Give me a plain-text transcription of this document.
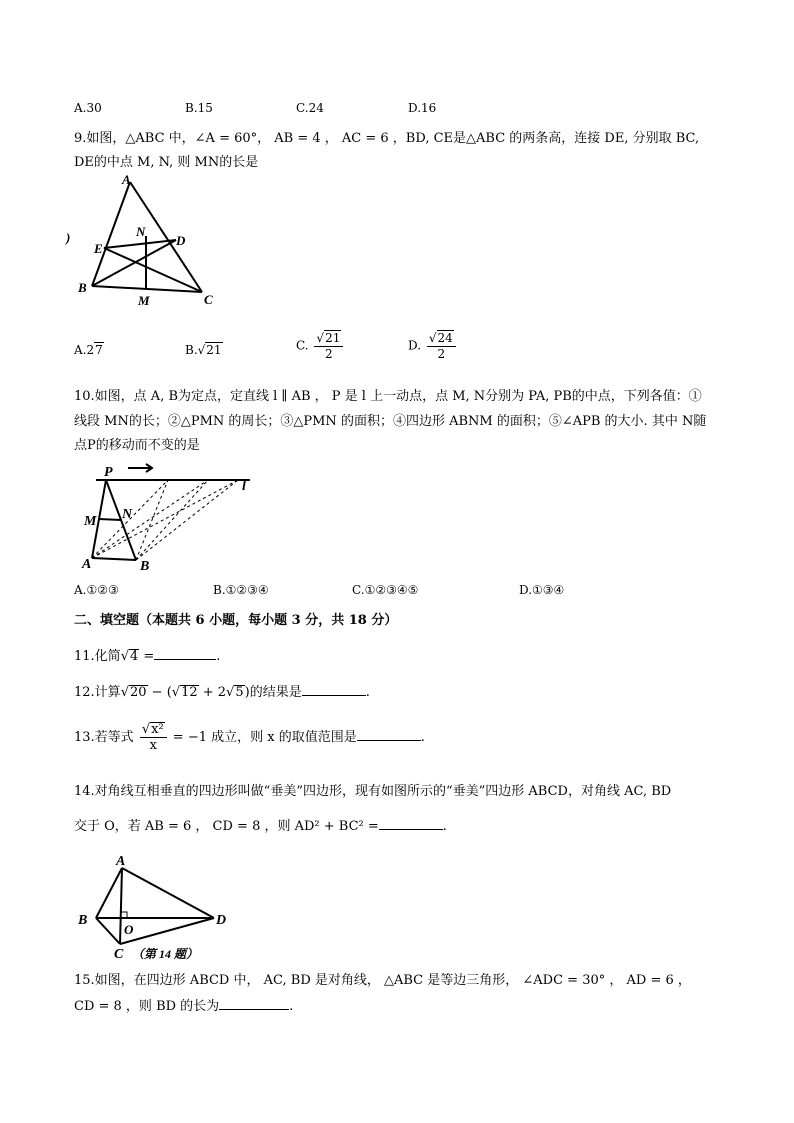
A.30	B.15	C.24	D.16
9.如图，△ABC 中，∠A = 60°， AB = 4 ， AC = 6 ，BD, CE是△ABC 的两条高，连接 DE, 分别取 BC,
DE的中点 M, N, 则 MN的长是
A
B
C
D
E
M
N
)
A.27	B.√21	C. $\frac{√21}{2}$	D. $\frac{√24}{2}$
10.如图，点 A, B为定点，定直线 l ∥ AB ， P 是 l 上一动点，点 M, N分别为 PA, PB的中点，下列各值：①
线段 MN的长；②△PMN 的周长；③△PMN 的面积；④四边形 ABNM 的面积；⑤∠APB 的大小. 其中 N随
点P的移动而不变的是
P
l
M N
A	B
A.①②③	B.①②③④	C.①②③④⑤	D.①③④
二、填空题（本题共 6 小题，每小题 3 分，共 18 分）
11.化简√4 =	.
12.计算√20 − (√12 + 2√5)的结果是	.
13.若等式 $\frac{\text{√x²}}{x} = -1$ 成立，则 x 的取值范围是	.
14.对角线互相垂直的四边形叫做“垂美”四边形，现有如图所示的“垂美”四边形 ABCD，对角线 AC, BD
交于 O，若 AB = 6 ， CD = 8 ，则 AD² + BC² =	.
A
B
C
D
O
（第 14 题）
15.如图，在四边形 ABCD 中， AC, BD 是对角线， △ABC 是等边三角形， ∠ADC = 30° ， AD = 6 ，
CD = 8 ，则 BD 的长为	.
